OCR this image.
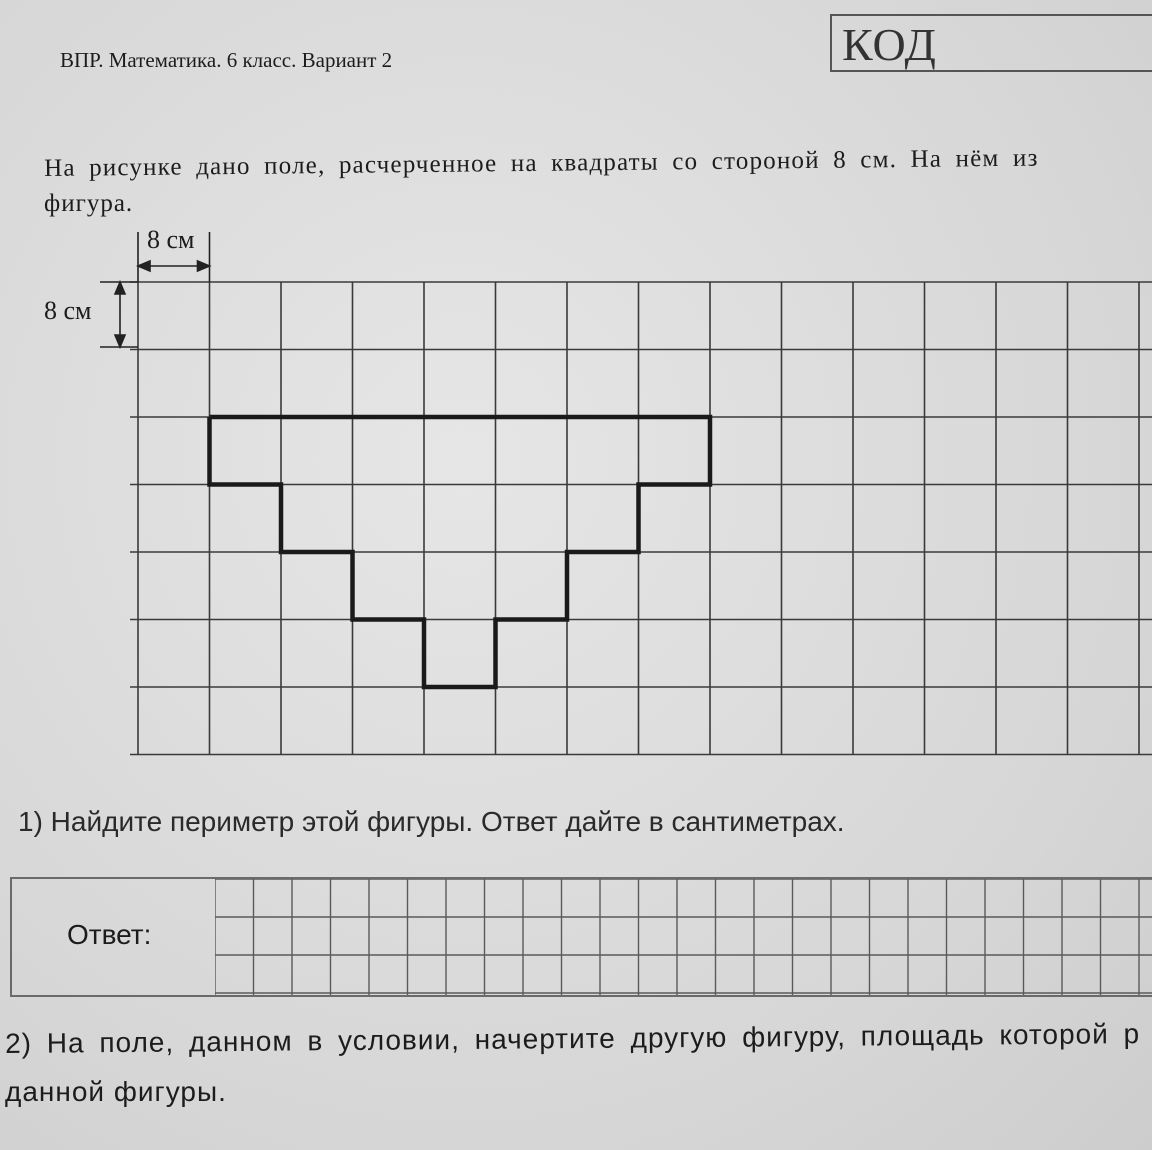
ВПР. Математика. 6 класс. Вариант 2	КОД
На рисунке дано поле, расчерченное на квадраты со стороной 8 см. На нём из
фигура.
8 см
8 см
1) Найдите периметр этой фигуры. Ответ дайте в сантиметрах.
Ответ:
2) На поле, данном в условии, начертите другую фигуру, площадь которой р
данной фигуры.
